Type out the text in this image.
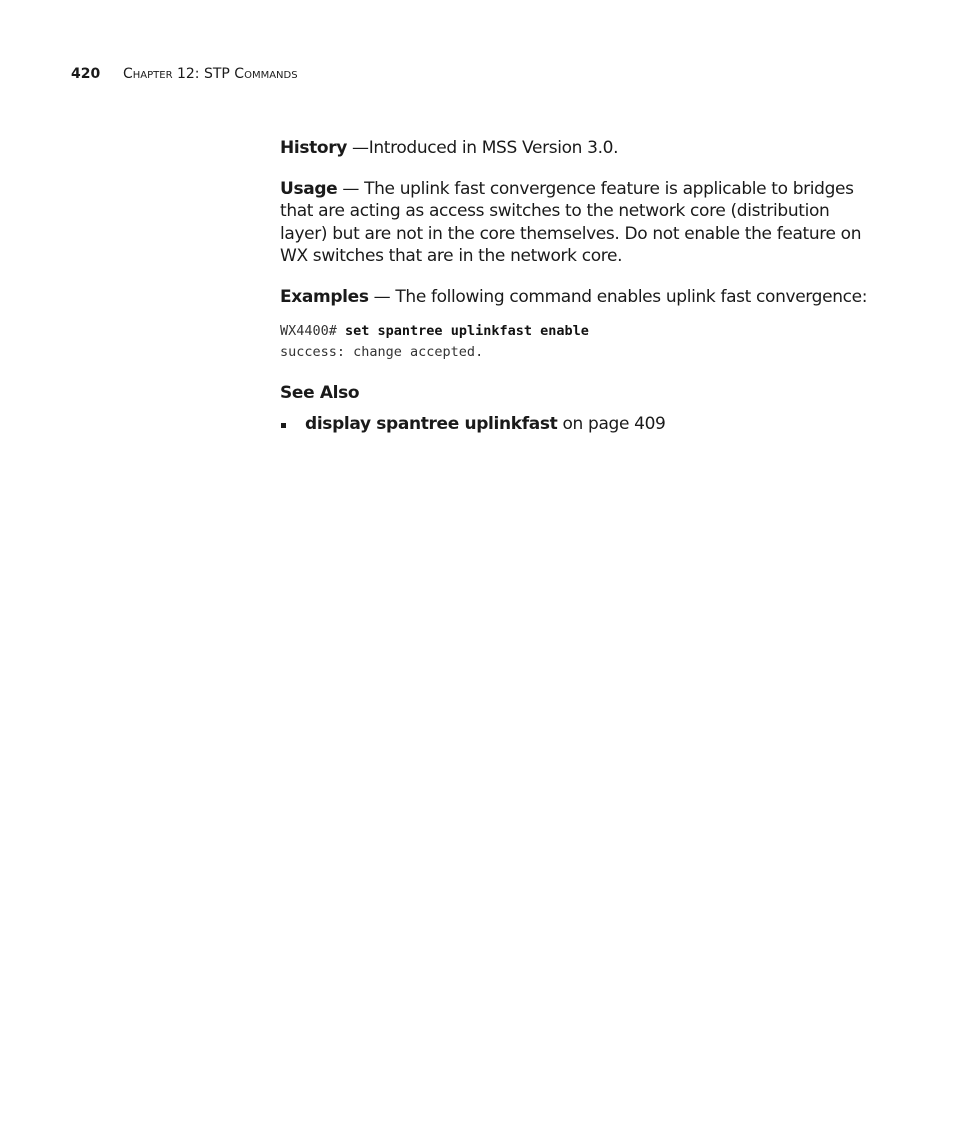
420 Chapter 12: STP Commands

History —Introduced in MSS Version 3.0.

Usage — The uplink fast convergence feature is applicable to bridges that are acting as access switches to the network core (distribution layer) but are not in the core themselves. Do not enable the feature on WX switches that are in the network core.

Examples — The following command enables uplink fast convergence:

WX4400# set spantree uplinkfast enable
success: change accepted.
See Also
display spantree uplinkfast on page 409
